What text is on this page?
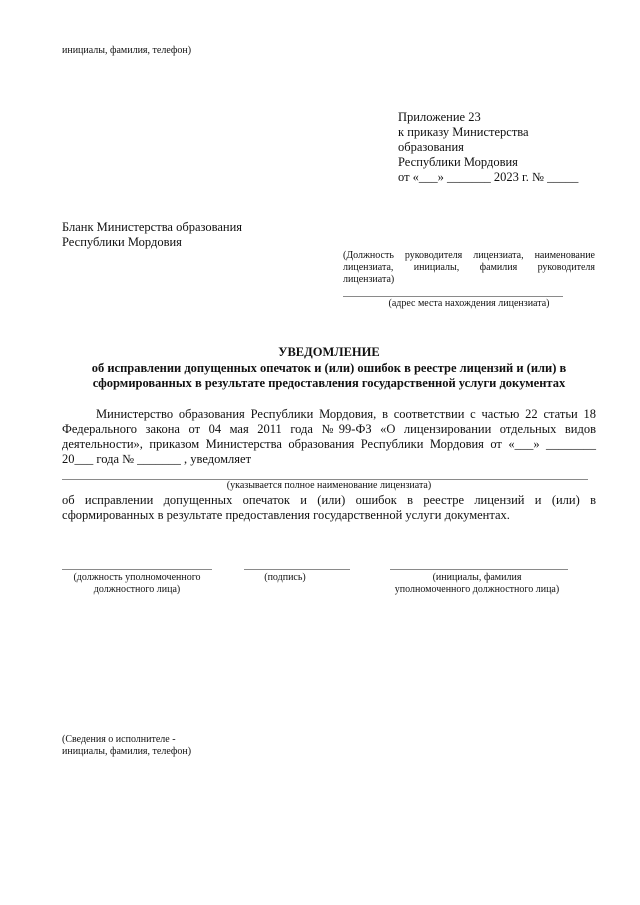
инициалы, фамилия, телефон)
Приложение 23
к приказу Министерства
образования
Республики Мордовия
от «___» _______ 2023 г. № _____
Бланк Министерства образования
Республики Мордовия
(Должность руководителя лицензиата, наименование лицензиата, инициалы, фамилия руководителя лицензиата)
(адрес места нахождения лицензиата)
УВЕДОМЛЕНИЕ
об исправлении допущенных опечаток и (или) ошибок в реестре лицензий и (или) в сформированных в результате предоставления государственной услуги документах
Министерство образования Республики Мордовия, в соответствии с частью 22 статьи 18
Федерального закона от 04 мая 2011 года №99-ФЗ «О лицензировании отдельных видов
деятельности», приказом Министерства образования Республики Мордовия от «___» ________
20___ года № _______ , уведомляет
(указывается полное наименование лицензиата)
об исправлении допущенных опечаток и (или) ошибок в реестре лицензий и (или) в
сформированных в результате предоставления государственной услуги документах.
(должность уполномоченного
должностного лица)
(подпись)	(инициалы, фамилия
уполномоченного должностного лица)
(Сведения о исполнителе -
инициалы, фамилия, телефон)
